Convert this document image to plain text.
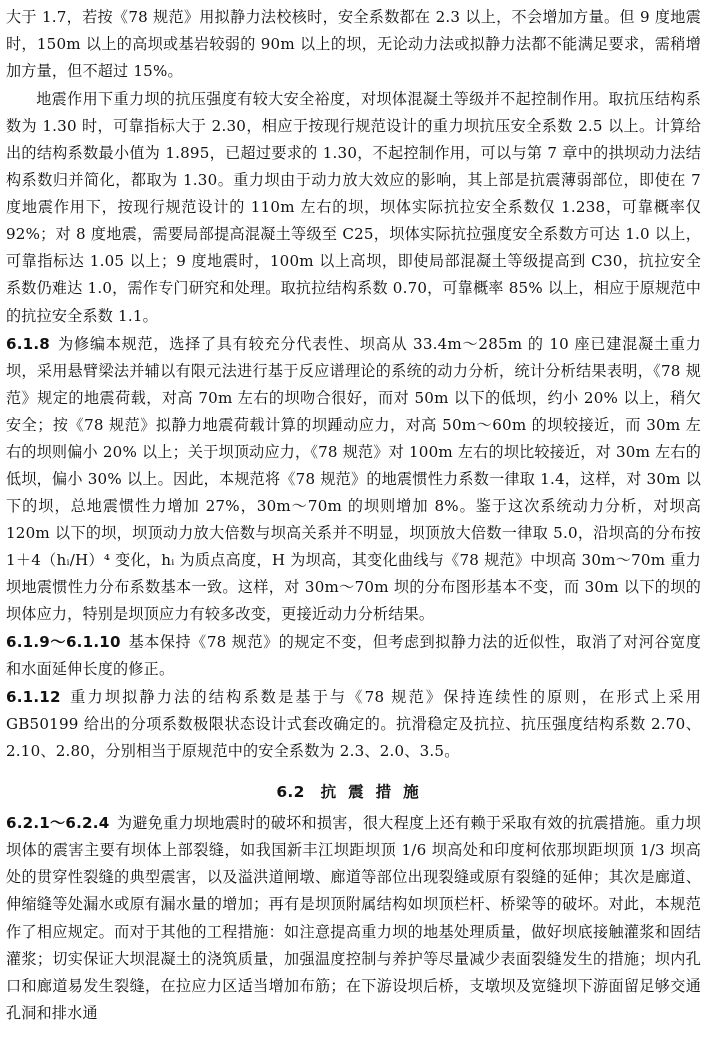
大于 1.7，若按《78 规范》用拟静力法校核时，安全系数都在 2.3 以上，不会增加方量。但 9 度地震时，150m 以上的高坝或基岩较弱的 90m 以上的坝，无论动力法或拟静力法都不能满足要求，需稍增加方量，但不超过 15%。

地震作用下重力坝的抗压强度有较大安全裕度，对坝体混凝土等级并不起控制作用。取抗压结构系数为 1.30 时，可靠指标大于 2.30，相应于按现行规范设计的重力坝抗压安全系数 2.5 以上。计算给出的结构系数最小值为 1.895，已超过要求的 1.30，不起控制作用，可以与第 7 章中的拱坝动力法结构系数归并简化，都取为 1.30。重力坝由于动力放大效应的影响，其上部是抗震薄弱部位，即使在 7 度地震作用下，按现行规范设计的 110m 左右的坝，坝体实际抗拉安全系数仅 1.238，可靠概率仅 92%；对 8 度地震，需要局部提高混凝土等级至 C25，坝体实际抗拉强度安全系数方可达 1.0 以上，可靠指标达 1.05 以上；9 度地震时，100m 以上高坝，即使局部混凝土等级提高到 C30，抗拉安全系数仍难达 1.0，需作专门研究和处理。取抗拉结构系数 0.70，可靠概率 85% 以上，相应于原规范中的抗拉安全系数 1.1。

6.1.8 为修编本规范，选择了具有较充分代表性、坝高从 33.4m～285m 的 10 座已建混凝土重力坝，采用悬臂梁法并辅以有限元法进行基于反应谱理论的系统的动力分析，统计分析结果表明，《78 规范》规定的地震荷载，对高 70m 左右的坝吻合很好，而对 50m 以下的低坝，约小 20% 以上，稍欠安全；按《78 规范》拟静力地震荷载计算的坝踵动应力，对高 50m～60m 的坝较接近，而 30m 左右的坝则偏小 20% 以上；关于坝顶动应力，《78 规范》对 100m 左右的坝比较接近，对 30m 左右的低坝，偏小 30% 以上。因此，本规范将《78 规范》的地震惯性力系数一律取 1.4，这样，对 30m 以下的坝，总地震惯性力增加 27%，30m～70m 的坝则增加 8%。鉴于这次系统动力分析，对坝高 120m 以下的坝，坝顶动力放大倍数与坝高关系并不明显，坝顶放大倍数一律取 5.0，沿坝高的分布按 1＋4（hᵢ/H）⁴ 变化，hᵢ 为质点高度，H 为坝高，其变化曲线与《78 规范》中坝高 30m～70m 重力坝地震惯性力分布系数基本一致。这样，对 30m～70m 坝的分布图形基本不变，而 30m 以下的坝的坝体应力，特别是坝顶应力有较多改变，更接近动力分析结果。

6.1.9～6.1.10 基本保持《78 规范》的规定不变，但考虑到拟静力法的近似性，取消了对河谷宽度和水面延伸长度的修正。

6.1.12 重力坝拟静力法的结构系数是基于与《78 规范》保持连续性的原则，在形式上采用 GB50199 给出的分项系数极限状态设计式套改确定的。抗滑稳定及抗拉、抗压强度结构系数 2.70、2.10、2.80，分别相当于原规范中的安全系数为 2.3、2.0、3.5。

6.2 抗震措施

6.2.1～6.2.4 为避免重力坝地震时的破坏和损害，很大程度上还有赖于采取有效的抗震措施。重力坝坝体的震害主要有坝体上部裂缝，如我国新丰江坝距坝顶 1/6 坝高处和印度柯依那坝距坝顶 1/3 坝高处的贯穿性裂缝的典型震害，以及溢洪道闸墩、廊道等部位出现裂缝或原有裂缝的延伸；其次是廊道、伸缩缝等处漏水或原有漏水量的增加；再有是坝顶附属结构如坝顶栏杆、桥梁等的破坏。对此，本规范作了相应规定。而对于其他的工程措施：如注意提高重力坝的地基处理质量，做好坝底接触灌浆和固结灌浆；切实保证大坝混凝土的浇筑质量，加强温度控制与养护等尽量减少表面裂缝发生的措施；坝内孔口和廊道易发生裂缝，在拉应力区适当增加布筋；在下游设坝后桥，支墩坝及宽缝坝下游面留足够交通孔洞和排水通
